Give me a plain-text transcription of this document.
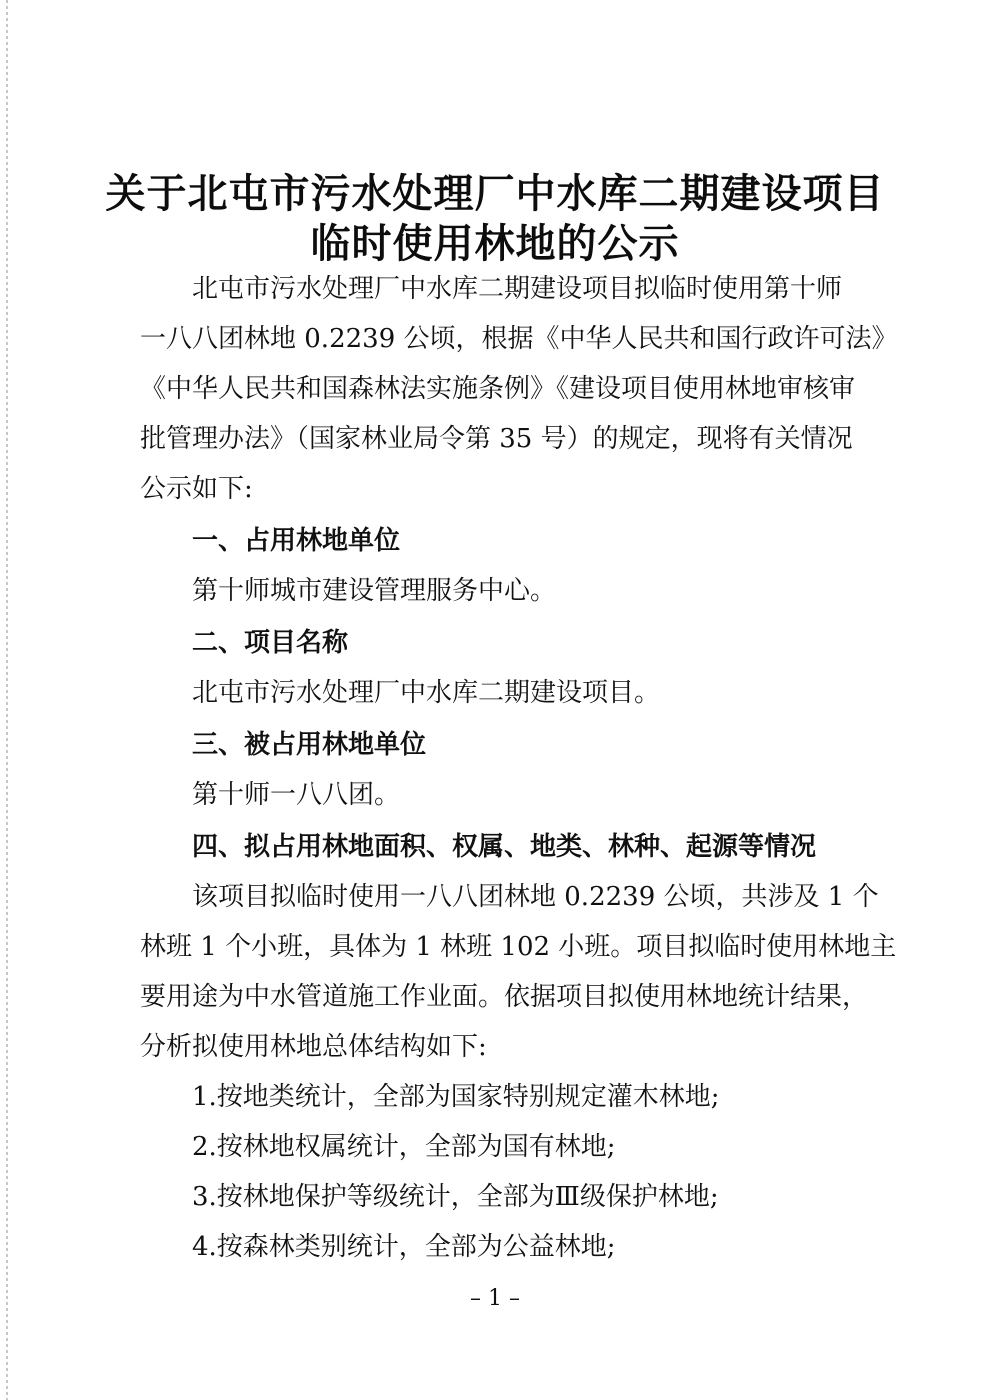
关于北屯市污水处理厂中水库二期建设项目
临时使用林地的公示
北屯市污水处理厂中水库二期建设项目拟临时使用第十师
一八八团林地 0.2239 公顷，根据《中华人民共和国行政许可法》
《中华人民共和国森林法实施条例》《建设项目使用林地审核审
批管理办法》（国家林业局令第 35 号）的规定，现将有关情况
公示如下:
一、占用林地单位
第十师城市建设管理服务中心。
二、项目名称
北屯市污水处理厂中水库二期建设项目。
三、被占用林地单位
第十师一八八团。
四、拟占用林地面积、权属、地类、林种、起源等情况
该项目拟临时使用一八八团林地 0.2239 公顷，共涉及 1 个
林班 1 个小班，具体为 1 林班 102 小班。项目拟临时使用林地主
要用途为中水管道施工作业面。依据项目拟使用林地统计结果，
分析拟使用林地总体结构如下:
1.按地类统计，全部为国家特别规定灌木林地;
2.按林地权属统计，全部为国有林地;
3.按林地保护等级统计，全部为Ⅲ级保护林地;
4.按森林类别统计，全部为公益林地;
– 1 –
